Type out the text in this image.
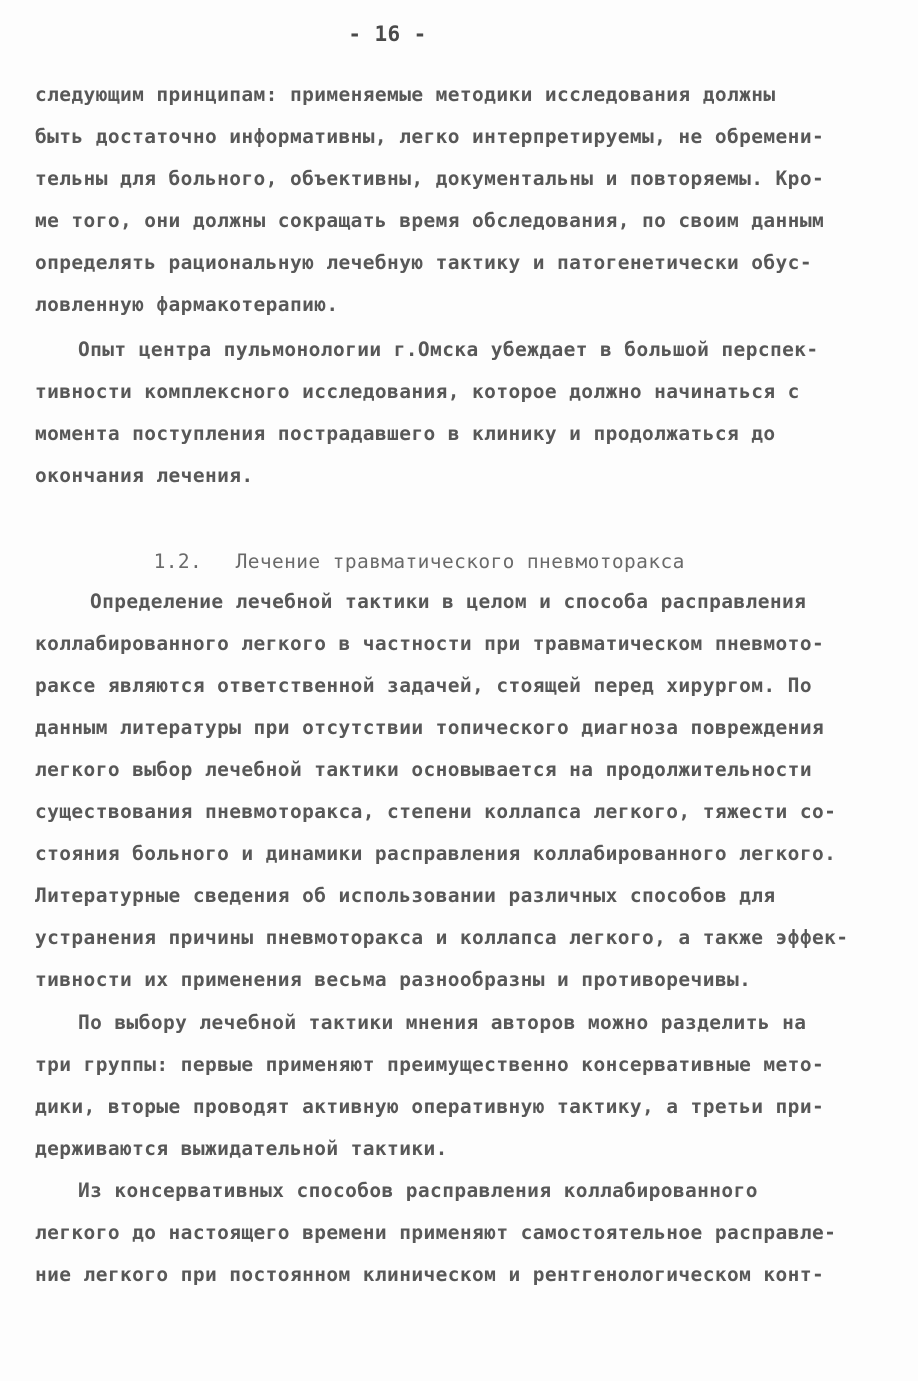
- 16 -
следующим принципам: применяемые методики исследования должны
быть достаточно информативны, легко интерпретируемы, не обремени-
тельны для больного, объективны, документальны и повторяемы. Кро-
ме того, они должны сокращать время обследования, по своим данным
определять рациональную лечебную тактику и патогенетически обус-
ловленную фармакотерапию.
Опыт центра пульмонологии г.Омска убеждает в большой перспек-
тивности комплексного исследования, которое должно начинаться с
момента поступления пострадавшего в клинику и продолжаться до
окончания лечения.

1.2. Лечение травматического пневмоторакса

Определение лечебной тактики в целом и способа расправления
коллабированного легкого в частности при травматическом пневмото-
раксе являются ответственной задачей, стоящей перед хирургом. По
данным литературы при отсутствии топического диагноза повреждения
легкого выбор лечебной тактики основывается на продолжительности
существования пневмоторакса, степени коллапса легкого, тяжести со-
стояния больного и динамики расправления коллабированного легкого.
Литературные сведения об использовании различных способов для
устранения причины пневмоторакса и коллапса легкого, а также эффек-
тивности их применения весьма разнообразны и противоречивы.
По выбору лечебной тактики мнения авторов можно разделить на
три группы: первые применяют преимущественно консервативные мето-
дики, вторые проводят активную оперативную тактику, а третьи при-
держиваются выжидательной тактики.
Из консервативных способов расправления коллабированного
легкого до настоящего времени применяют самостоятельное расправле-
ние легкого при постоянном клиническом и рентгенологическом конт-
